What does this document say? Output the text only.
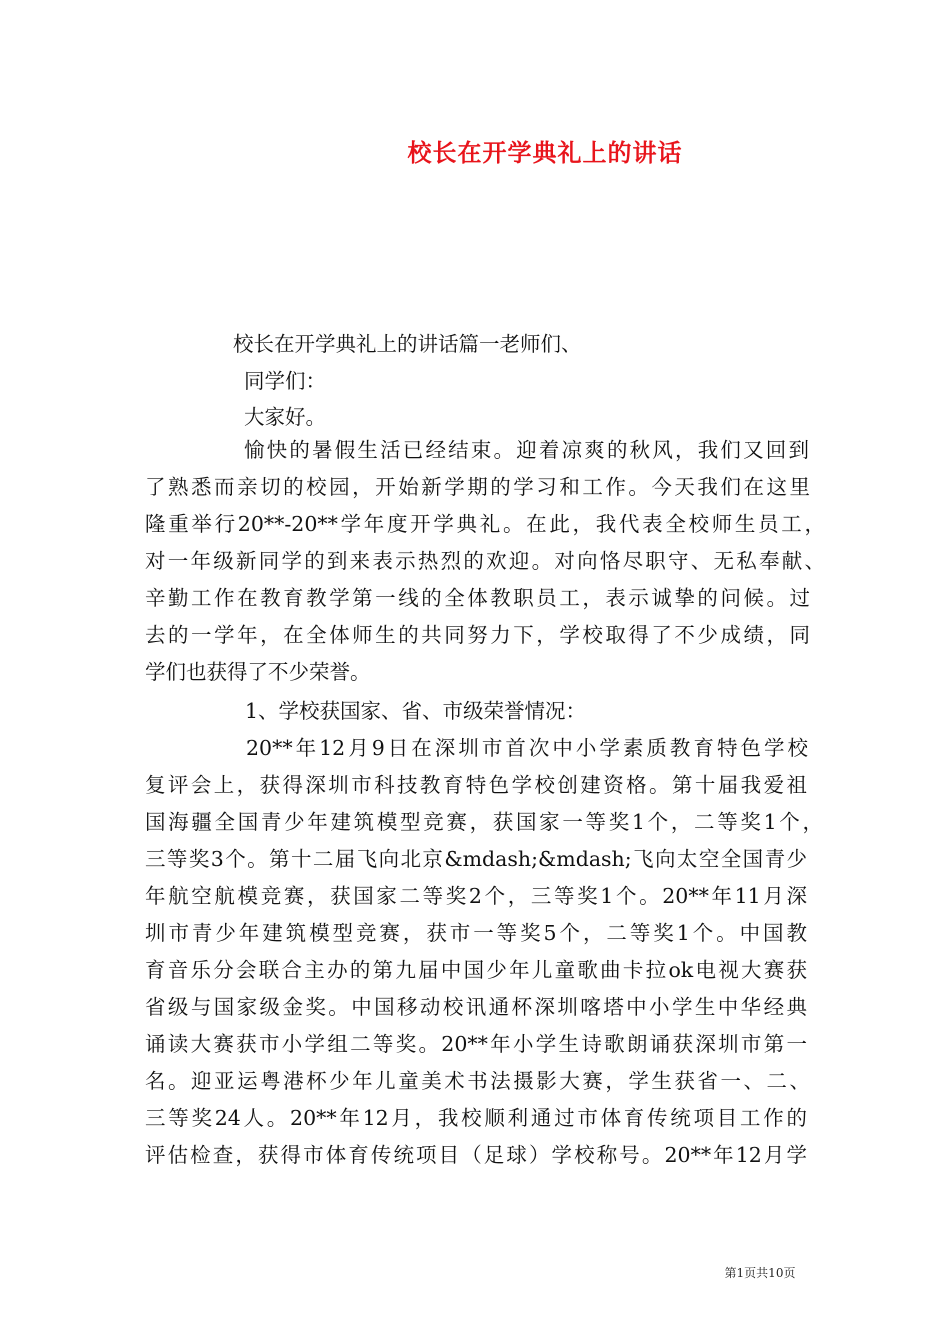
校长在开学典礼上的讲话
校长在开学典礼上的讲话篇一老师们、
同学们：
大家好。
愉快的暑假生活已经结束。迎着凉爽的秋风，我们又回到
了熟悉而亲切的校园，开始新学期的学习和工作。今天我们在这里
隆重举行20**-20**学年度开学典礼。在此，我代表全校师生员工，
对一年级新同学的到来表示热烈的欢迎。对向恪尽职守、无私奉献、
辛勤工作在教育教学第一线的全体教职员工，表示诚挚的问候。过
去的一学年，在全体师生的共同努力下，学校取得了不少成绩，同
学们也获得了不少荣誉。
1、学校获国家、省、市级荣誉情况：
20**年12月9日在深圳市首次中小学素质教育特色学校
复评会上，获得深圳市科技教育特色学校创建资格。第十届我爱祖
国海疆全国青少年建筑模型竞赛，获国家一等奖1个，二等奖1个，
三等奖3个。第十二届飞向北京&mdash;&mdash;飞向太空全国青少
年航空航模竞赛，获国家二等奖2个，三等奖1个。20**年11月深
圳市青少年建筑模型竞赛，获市一等奖5个，二等奖1个。中国教
育音乐分会联合主办的第九届中国少年儿童歌曲卡拉ok电视大赛获
省级与国家级金奖。中国移动校讯通杯深圳喀塔中小学生中华经典
诵读大赛获市小学组二等奖。20**年小学生诗歌朗诵获深圳市第一
名。迎亚运粤港杯少年儿童美术书法摄影大赛，学生获省一、二、
三等奖24人。20**年12月，我校顺利通过市体育传统项目工作的
评估检查，获得市体育传统项目（足球）学校称号。20**年12月学
第1页共10页
